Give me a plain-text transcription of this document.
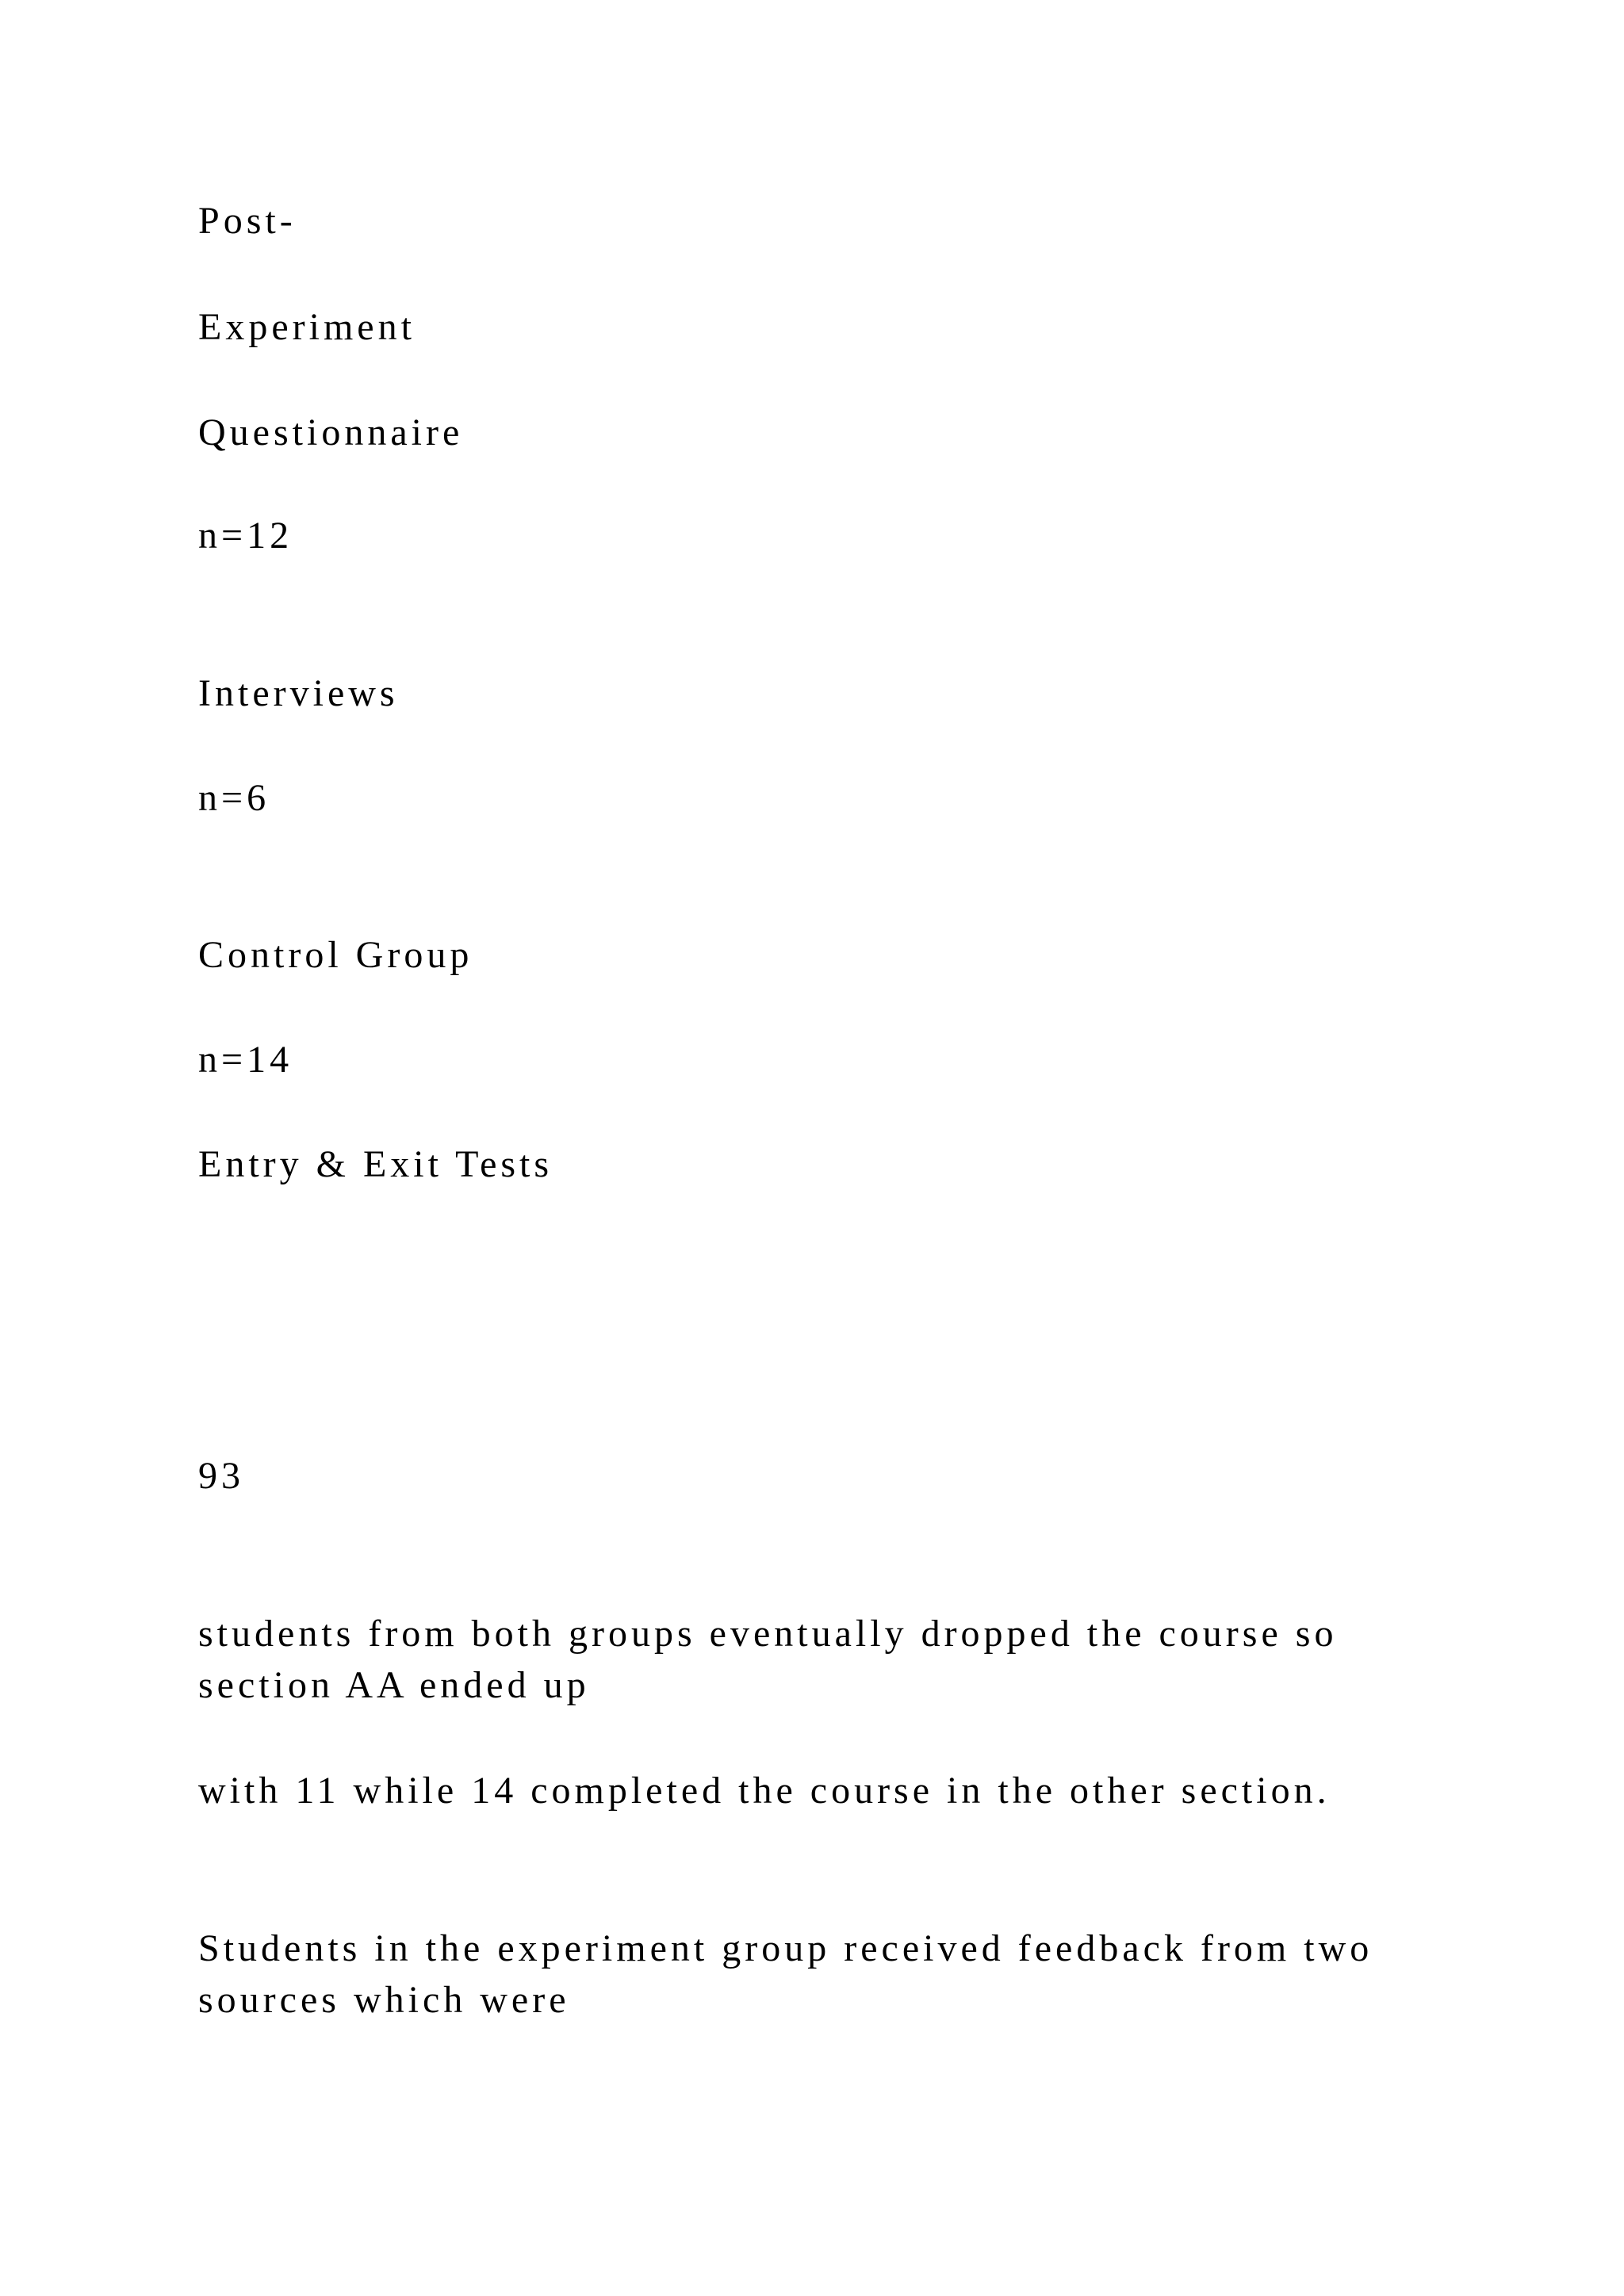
Post-
Experiment
Questionnaire
n=12
Interviews
n=6
Control Group
n=14
Entry & Exit Tests
93
students from both groups eventually dropped the course so
section AA ended up
with 11 while 14 completed the course in the other section.
Students in the experiment group received feedback from two
sources which were
